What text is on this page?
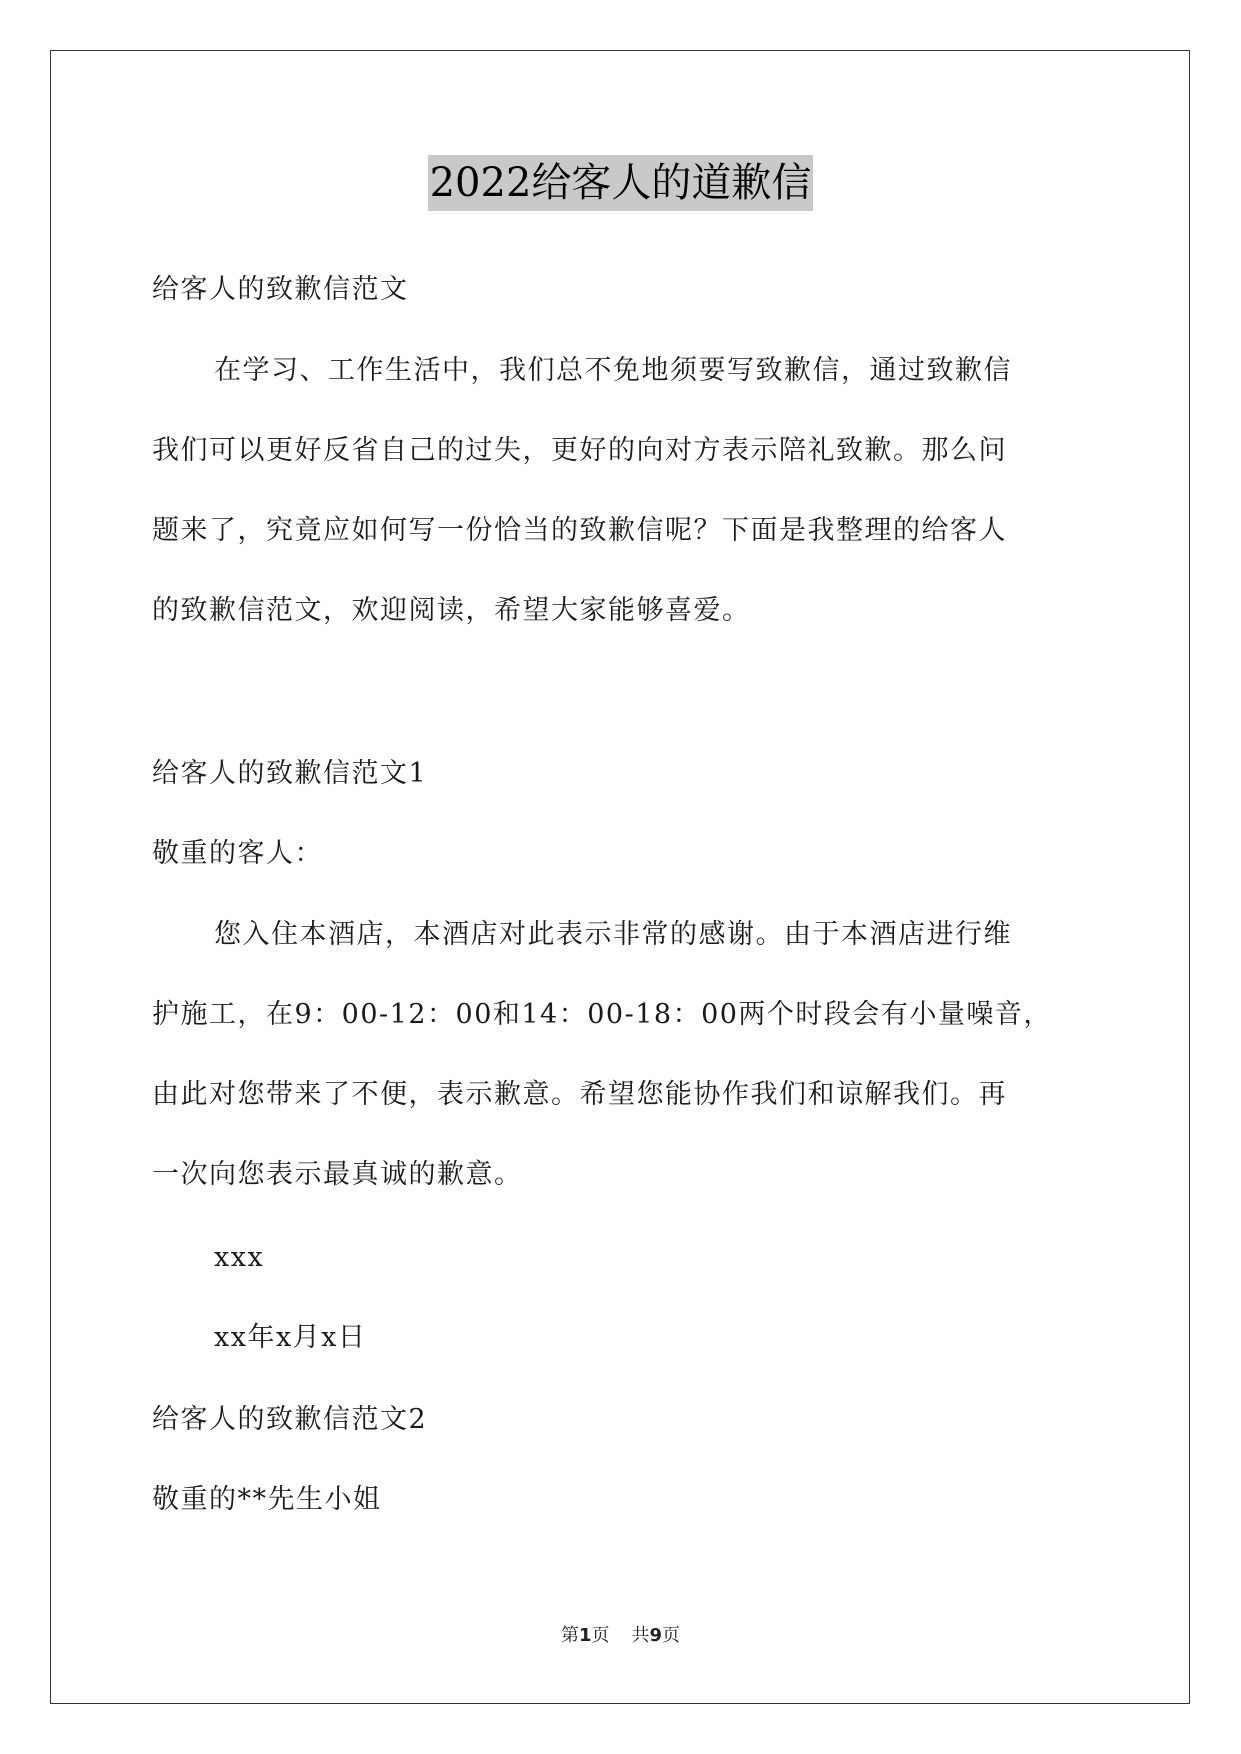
2022给客人的道歉信
给客人的致歉信范文
在学习、工作生活中，我们总不免地须要写致歉信，通过致歉信
我们可以更好反省自己的过失，更好的向对方表示陪礼致歉。那么问
题来了，究竟应如何写一份恰当的致歉信呢？下面是我整理的给客人
的致歉信范文，欢迎阅读，希望大家能够喜爱。
给客人的致歉信范文1
敬重的客人：
您入住本酒店，本酒店对此表示非常的感谢。由于本酒店进行维
护施工，在9：00-12：00和14：00-18：00两个时段会有小量噪音，
由此对您带来了不便，表示歉意。希望您能协作我们和谅解我们。再
一次向您表示最真诚的歉意。
xxx
xx年x月x日
给客人的致歉信范文2
敬重的**先生小姐
第1页 共9页
